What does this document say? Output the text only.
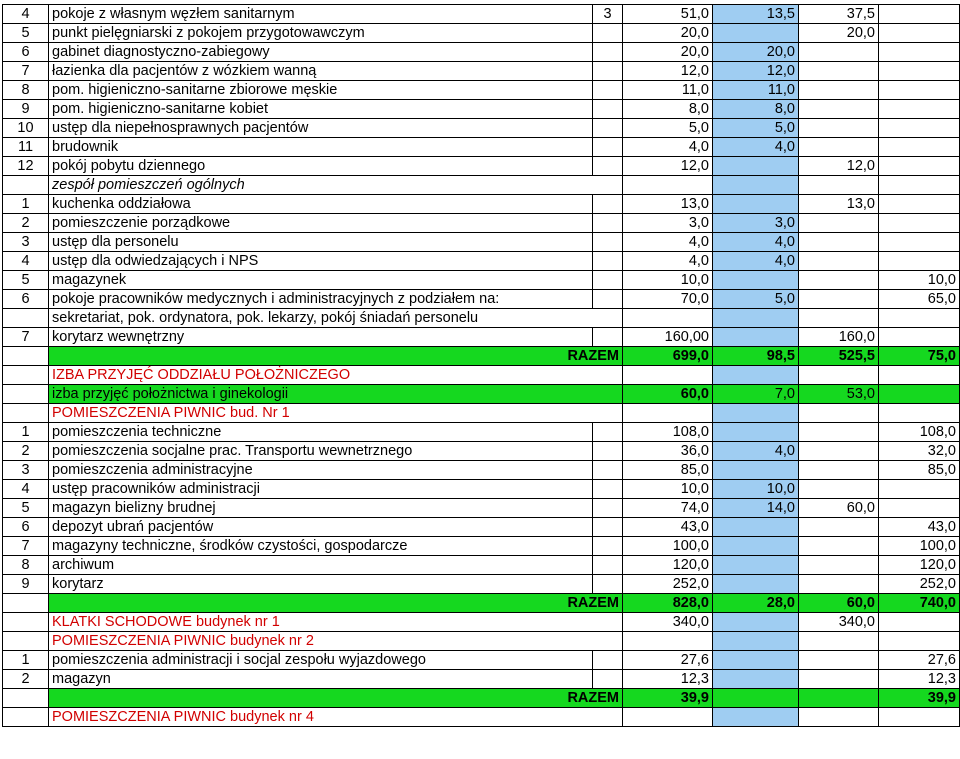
4	pokoje z własnym węzłem sanitarnym	3	51,0	13,5	37,5	
5	punkt pielęgniarski z pokojem przygotowawczym		20,0		20,0	
6	gabinet diagnostyczno-zabiegowy		20,0	20,0		
7	łazienka dla pacjentów z wózkiem wanną		12,0	12,0		
8	pom. higieniczno-sanitarne zbiorowe męskie		11,0	11,0		
9	pom. higieniczno-sanitarne kobiet		8,0	8,0		
10	ustęp dla niepełnosprawnych pacjentów		5,0	5,0		
11	brudownik		4,0	4,0		
12	pokój pobytu dziennego		12,0		12,0	
	zespół pomieszczeń ogólnych					
1	kuchenka oddziałowa		13,0		13,0	
2	pomieszczenie porządkowe		3,0	3,0		
3	ustęp dla personelu		4,0	4,0		
4	ustęp dla odwiedzających i NPS		4,0	4,0		
5	magazynek		10,0			10,0
6	pokoje pracowników medycznych i administracyjnych z podziałem na:		70,0	5,0		65,0
	sekretariat, pok. ordynatora, pok. lekarzy, pokój śniadań personelu					
7	korytarz wewnętrzny		160,00		160,0	
	RAZEM		699,0	98,5	525,5	75,0
	IZBA PRZYJĘĆ ODDZIAŁU POŁOŻNICZEGO					
	izba przyjęć położnictwa i ginekologii		60,0	7,0	53,0	
	POMIESZCZENIA PIWNIC bud. Nr 1					
1	pomieszczenia techniczne		108,0			108,0
2	pomieszczenia socjalne prac. Transportu wewnetrznego		36,0	4,0		32,0
3	pomieszczenia administracyjne		85,0			85,0
4	ustęp pracowników administracji		10,0	10,0		
5	magazyn bielizny brudnej		74,0	14,0	60,0	
6	depozyt ubrań pacjentów		43,0			43,0
7	magazyny techniczne, środków czystości, gospodarcze		100,0			100,0
8	archiwum		120,0			120,0
9	korytarz		252,0			252,0
	RAZEM		828,0	28,0	60,0	740,0
	KLATKI SCHODOWE budynek nr 1		340,0		340,0	
	POMIESZCZENIA PIWNIC budynek nr 2					
1	pomieszczenia administracji i socjal zespołu wyjazdowego		27,6			27,6
2	magazyn		12,3			12,3
	RAZEM		39,9			39,9
	POMIESZCZENIA PIWNIC budynek nr 4					
